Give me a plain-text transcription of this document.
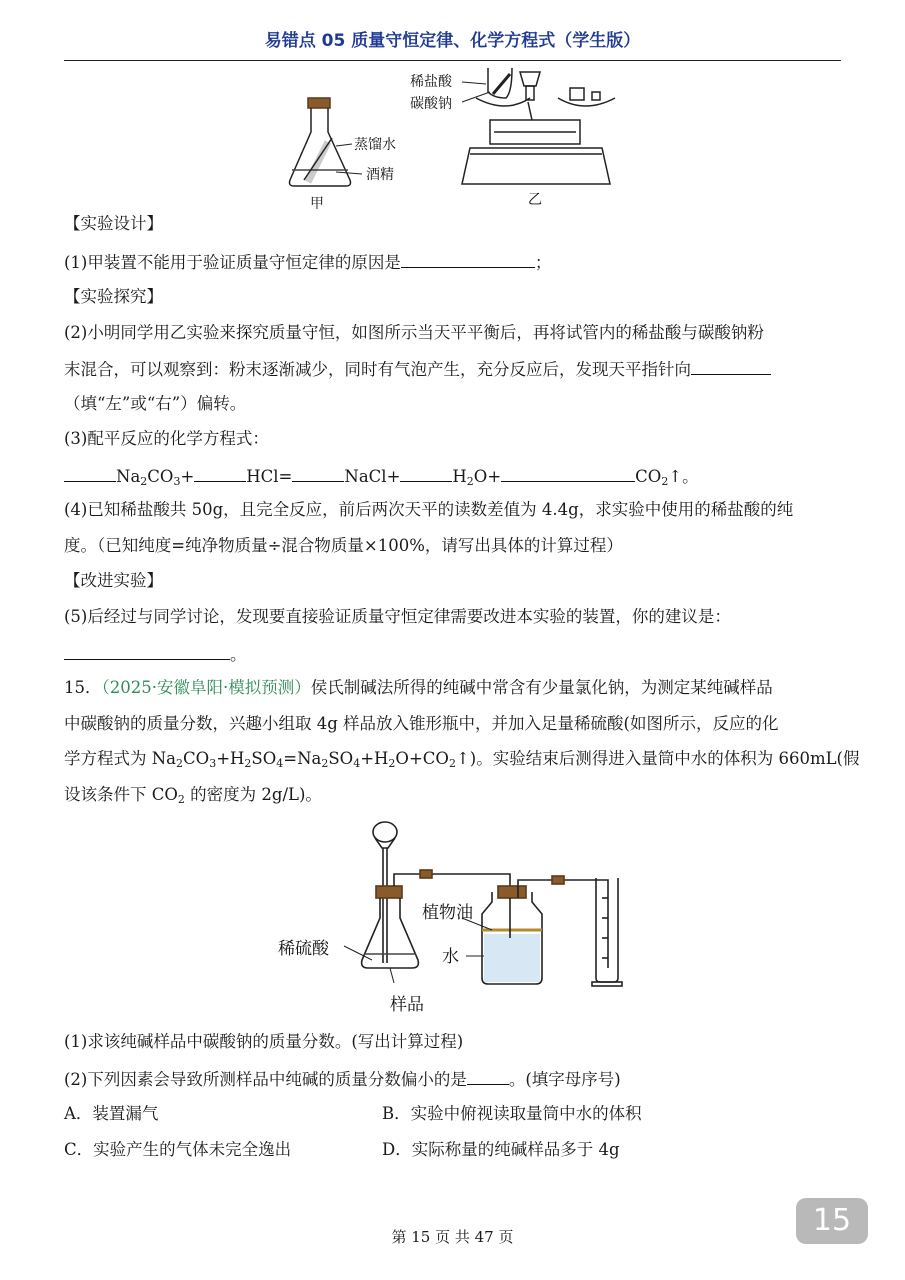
易错点 05 质量守恒定律、化学方程式（学生版）
蒸馏水
酒精
甲
稀盐酸
碳酸钠
乙
【实验设计】
(1)甲装置不能用于验证质量守恒定律的原因是	；
【实验探究】
(2)小明同学用乙实验来探究质量守恒，如图所示当天平平衡后，再将试管内的稀盐酸与碳酸钠粉
末混合，可以观察到：粉末逐渐减少，同时有气泡产生，充分反应后，发现天平指针向
（填“左”或“右”）偏转。
(3)配平反应的化学方程式：
$Na_2CO_3+$	HCl=	NaCl+	$H_2O+$	$CO_2↑$。
(4)已知稀盐酸共 50g，且完全反应，前后两次天平的读数差值为 4.4g，求实验中使用的稀盐酸的纯
度。（已知纯度=纯净物质量÷混合物质量×100%，请写出具体的计算过程）
【改进实验】
(5)后经过与同学讨论，发现要直接验证质量守恒定律需要改进本实验的装置，你的建议是：
。
15．（2025·安徽阜阳·模拟预测）侯氏制碱法所得的纯碱中常含有少量氯化钠，为测定某纯碱样品
中碳酸钠的质量分数，兴趣小组取 4g 样品放入锥形瓶中，并加入足量稀硫酸(如图所示，反应的化
学方程式为 $Na_2CO_3+H_2SO_4=Na_2SO_4+H_2O+CO_2↑$)。实验结束后测得进入量筒中水的体积为 660mL(假
设该条件下 $CO_2$ 的密度为 2g/L)。
稀硫酸
样品
植物油
水
(1)求该纯碱样品中碳酸钠的质量分数。(写出计算过程)
(2)下列因素会导致所测样品中纯碱的质量分数偏小的是	。(填字母序号)
A．装置漏气	B．实验中俯视读取量筒中水的体积
C．实验产生的气体未完全逸出	D．实际称量的纯碱样品多于 4g
15
第 15 页 共 47 页
